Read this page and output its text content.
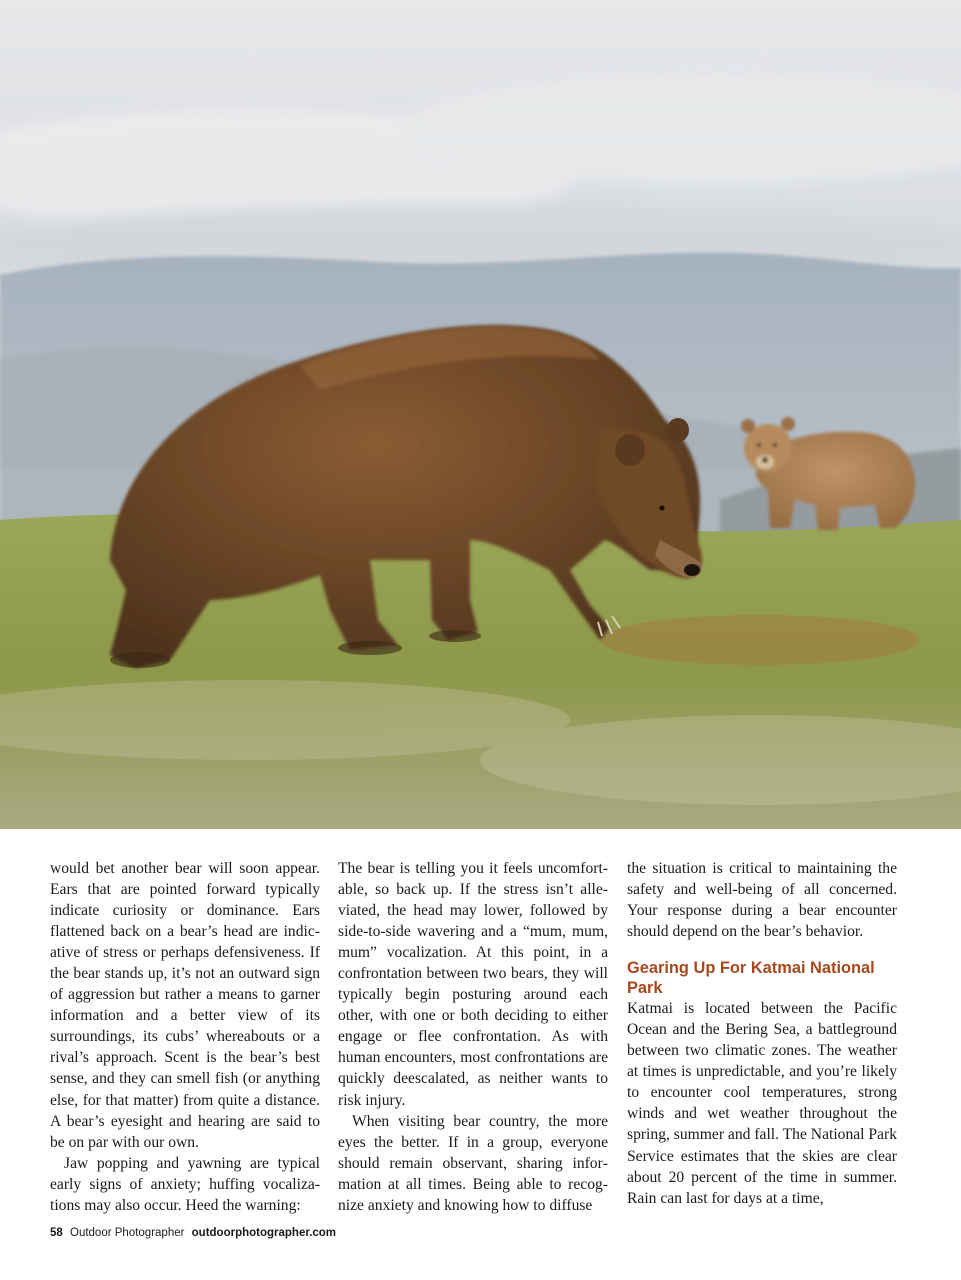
would bet another bear will soon appear. Ears that are pointed forward typically indicate curiosity or dominance. Ears flattened back on a bear’s head are indicative of stress or perhaps defensiveness. If the bear stands up, it’s not an outward sign of aggression but rather a means to garner information and a better view of its surroundings, its cubs’ whereabouts or a rival’s approach. Scent is the bear’s best sense, and they can smell fish (or anything else, for that matter) from quite a distance. A bear’s eyesight and hearing are said to be on par with our own.

Jaw popping and yawning are typical early signs of anxiety; huffing vocalizations may also occur. Heed the warning:

The bear is telling you it feels uncomfortable, so back up. If the stress isn’t alleviated, the head may lower, followed by side-to-side wavering and a “mum, mum, mum” vocalization. At this point, in a confrontation between two bears, they will typically begin posturing around each other, with one or both deciding to either engage or flee confrontation. As with human encounters, most confrontations are quickly deescalated, as neither wants to risk injury.

When visiting bear country, the more eyes the better. If in a group, everyone should remain observant, sharing information at all times. Being able to recognize anxiety and knowing how to diffuse

the situation is critical to maintaining the safety and well-being of all concerned. Your response during a bear encounter should depend on the bear’s behavior.

Gearing Up For Katmai National Park

Katmai is located between the Pacific Ocean and the Bering Sea, a battleground between two climatic zones. The weather at times is unpredictable, and you’re likely to encounter cool temperatures, strong winds and wet weather throughout the spring, summer and fall. The National Park Service estimates that the skies are clear about 20 percent of the time in summer. Rain can last for days at a time,

58 Outdoor Photographer outdoorphotographer.com
